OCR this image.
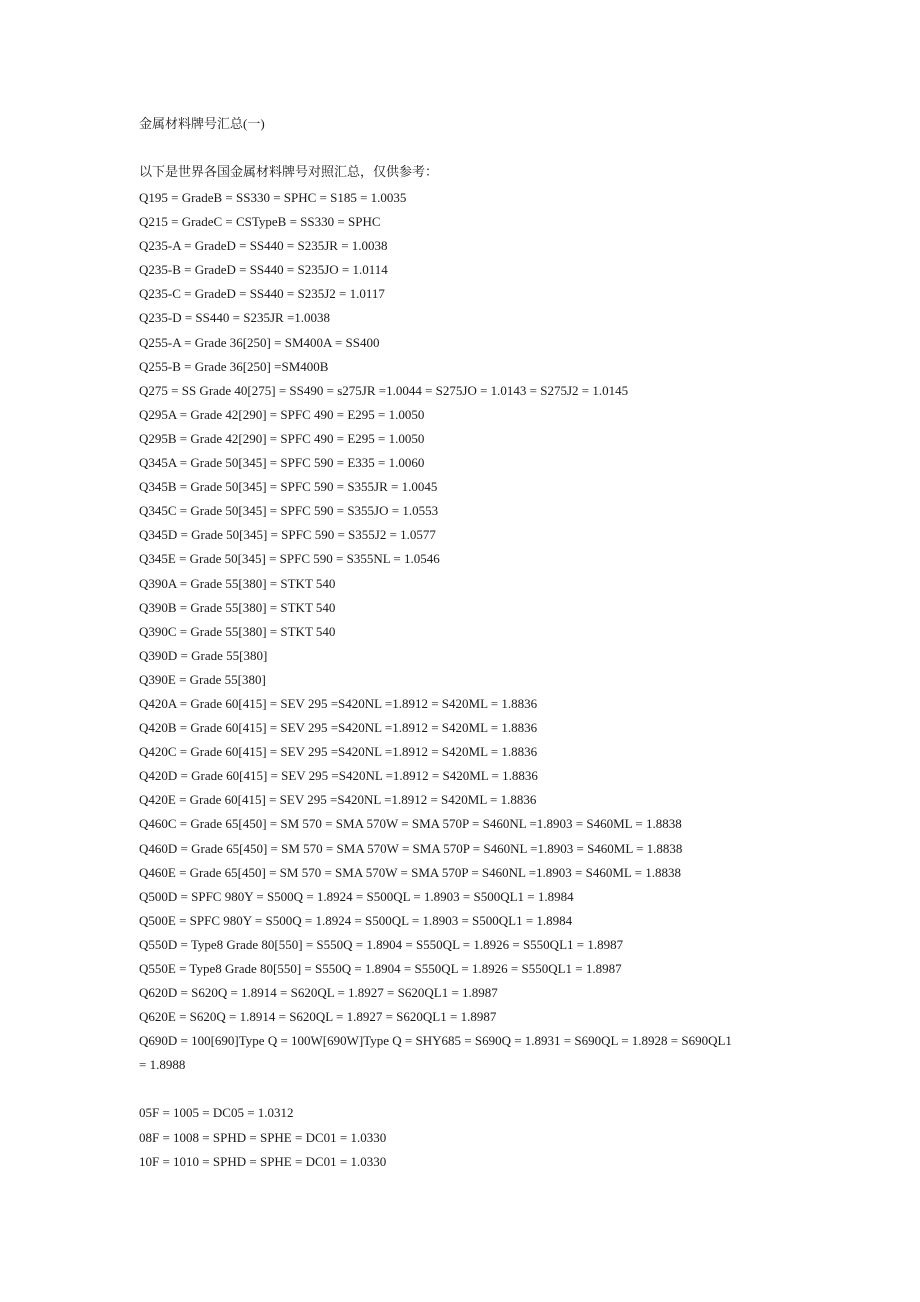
金属材料牌号汇总(一)
以下是世界各国金属材料牌号对照汇总，仅供参考：
Q195 = GradeB = SS330 = SPHC = S185 = 1.0035
Q215 = GradeC = CSTypeB = SS330 = SPHC
Q235-A = GradeD = SS440 = S235JR = 1.0038
Q235-B = GradeD = SS440 = S235JO = 1.0114
Q235-C = GradeD = SS440 = S235J2 = 1.0117
Q235-D = SS440 = S235JR =1.0038
Q255-A = Grade 36[250] = SM400A = SS400
Q255-B = Grade 36[250] =SM400B
Q275 = SS Grade 40[275] = SS490 = s275JR =1.0044 = S275JO = 1.0143 = S275J2 = 1.0145
Q295A = Grade 42[290] = SPFC 490 = E295 = 1.0050
Q295B = Grade 42[290] = SPFC 490 = E295 = 1.0050
Q345A = Grade 50[345] = SPFC 590 = E335 = 1.0060
Q345B = Grade 50[345] = SPFC 590 = S355JR = 1.0045
Q345C = Grade 50[345] = SPFC 590 = S355JO = 1.0553
Q345D = Grade 50[345] = SPFC 590 = S355J2 = 1.0577
Q345E = Grade 50[345] = SPFC 590 = S355NL = 1.0546
Q390A = Grade 55[380] = STKT 540
Q390B = Grade 55[380] = STKT 540
Q390C = Grade 55[380] = STKT 540
Q390D = Grade 55[380]
Q390E = Grade 55[380]
Q420A = Grade 60[415] = SEV 295 =S420NL =1.8912 = S420ML = 1.8836
Q420B = Grade 60[415] = SEV 295 =S420NL =1.8912 = S420ML = 1.8836
Q420C = Grade 60[415] = SEV 295 =S420NL =1.8912 = S420ML = 1.8836
Q420D = Grade 60[415] = SEV 295 =S420NL =1.8912 = S420ML = 1.8836
Q420E = Grade 60[415] = SEV 295 =S420NL =1.8912 = S420ML = 1.8836
Q460C = Grade 65[450] = SM 570 = SMA 570W = SMA 570P = S460NL =1.8903 = S460ML = 1.8838
Q460D = Grade 65[450] = SM 570 = SMA 570W = SMA 570P = S460NL =1.8903 = S460ML = 1.8838
Q460E = Grade 65[450] = SM 570 = SMA 570W = SMA 570P = S460NL =1.8903 = S460ML = 1.8838
Q500D = SPFC 980Y = S500Q = 1.8924 = S500QL = 1.8903 = S500QL1 = 1.8984
Q500E = SPFC 980Y = S500Q = 1.8924 = S500QL = 1.8903 = S500QL1 = 1.8984
Q550D = Type8 Grade 80[550] = S550Q = 1.8904 = S550QL = 1.8926 = S550QL1 = 1.8987
Q550E = Type8 Grade 80[550] = S550Q = 1.8904 = S550QL = 1.8926 = S550QL1 = 1.8987
Q620D = S620Q = 1.8914 = S620QL = 1.8927 = S620QL1 = 1.8987
Q620E = S620Q = 1.8914 = S620QL = 1.8927 = S620QL1 = 1.8987
Q690D = 100[690]Type Q = 100W[690W]Type Q = SHY685 = S690Q = 1.8931 = S690QL = 1.8928 = S690QL1
= 1.8988
05F = 1005 = DC05 = 1.0312
08F = 1008 = SPHD = SPHE = DC01 = 1.0330
10F = 1010 = SPHD = SPHE = DC01 = 1.0330
